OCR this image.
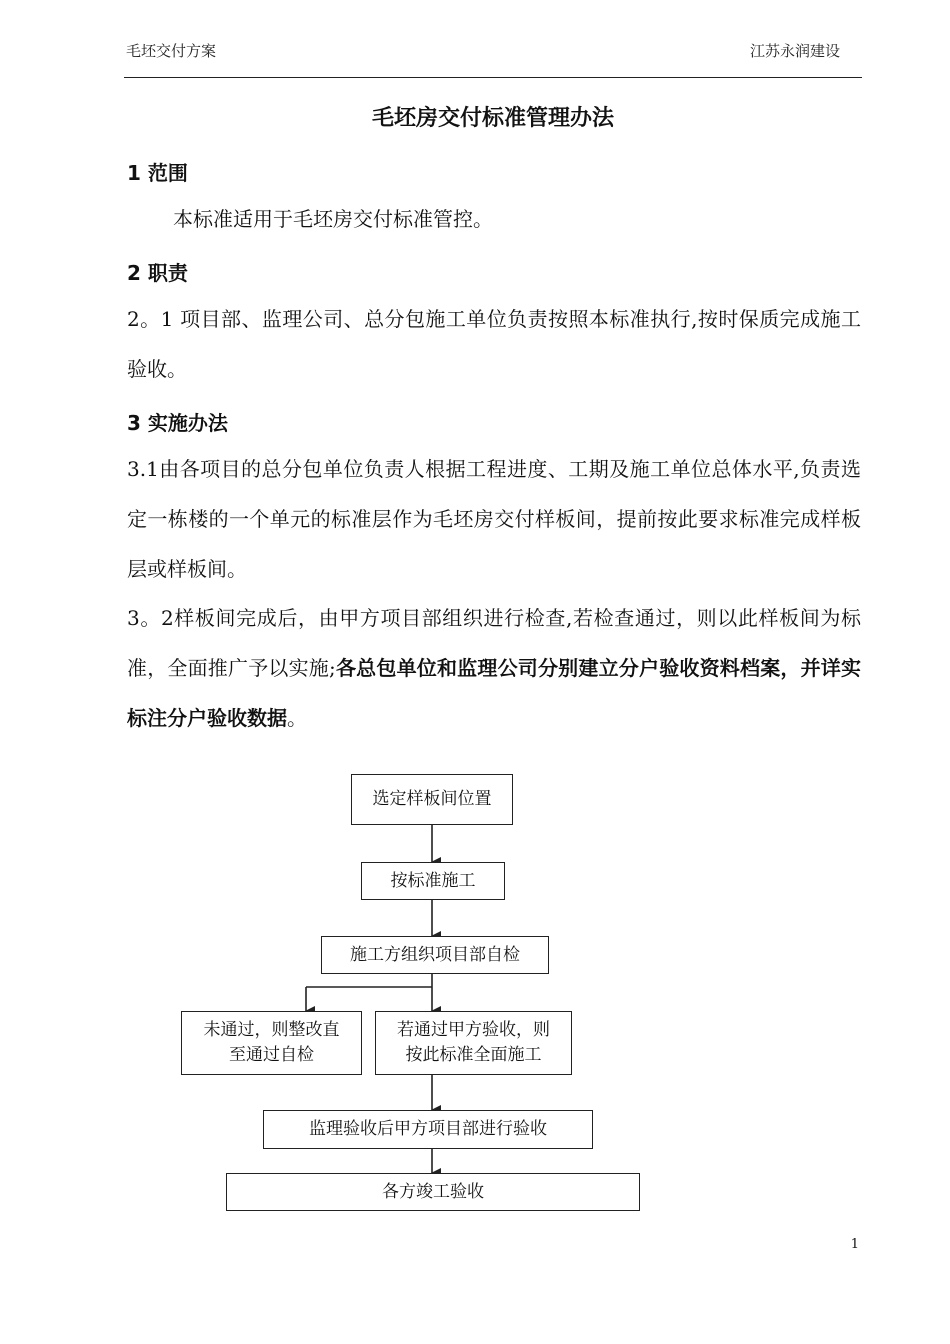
毛坯交付方案	江苏永润建设
毛坯房交付标准管理办法
1 范围
本标准适用于毛坯房交付标准管控。
2 职责
2。1 项目部、监理公司、总分包施工单位负责按照本标准执行,按时保质完成施工验收。
3 实施办法
3.1由各项目的总分包单位负责人根据工程进度、工期及施工单位总体水平,负责选定一栋楼的一个单元的标准层作为毛坯房交付样板间，提前按此要求标准完成样板层或样板间。
3。2样板间完成后，由甲方项目部组织进行检查,若检查通过，则以此样板间为标准，全面推广予以实施;各总包单位和监理公司分别建立分户验收资料档案，并详实标注分户验收数据。
选定样板间位置
按标准施工
施工方组织项目部自检
未通过，则整改直
至通过自检
若通过甲方验收，则
按此标准全面施工
监理验收后甲方项目部进行验收
各方竣工验收
1
